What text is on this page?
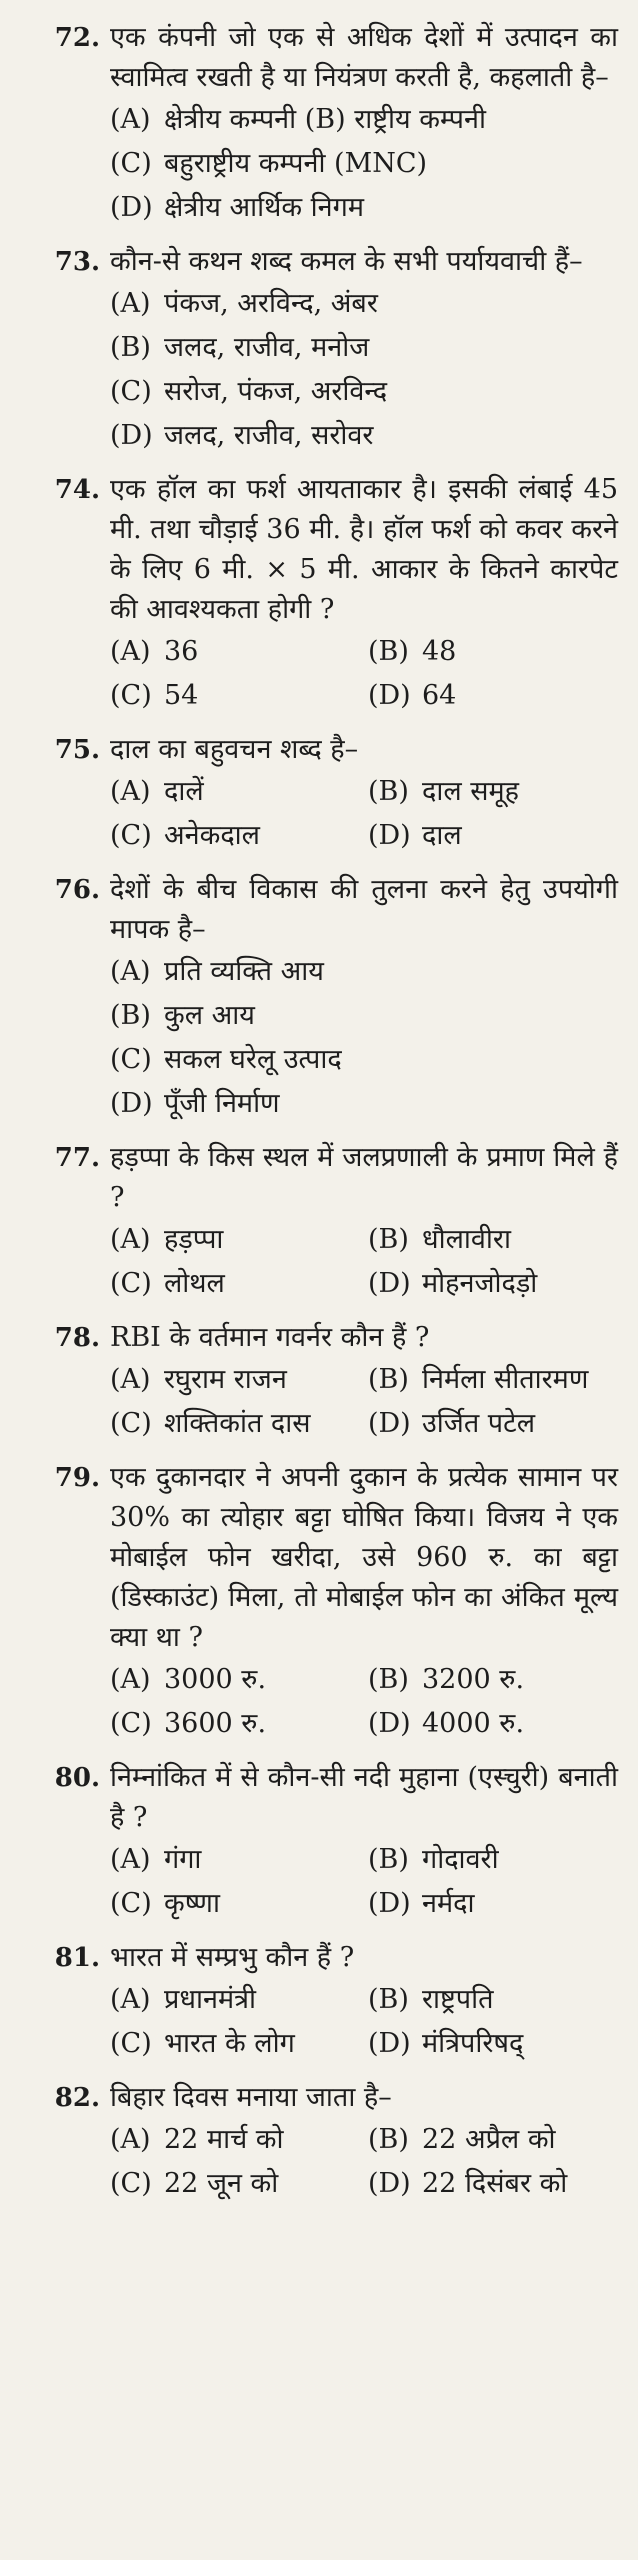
72. एक कंपनी जो एक से अधिक देशों में उत्पादन का स्वामित्व रखती है या नियंत्रण करती है, कहलाती है–
(A) क्षेत्रीय कम्पनी (B) राष्ट्रीय कम्पनी
(C) बहुराष्ट्रीय कम्पनी (MNC)
(D) क्षेत्रीय आर्थिक निगम
73. कौन-से कथन शब्द कमल के सभी पर्यायवाची हैं–
(A) पंकज, अरविन्द, अंबर
(B) जलद, राजीव, मनोज
(C) सरोज, पंकज, अरविन्द
(D) जलद, राजीव, सरोवर
74. एक हॉल का फर्श आयताकार है। इसकी लंबाई 45 मी. तथा चौड़ाई 36 मी. है। हॉल फर्श को कवर करने के लिए 6 मी. × 5 मी. आकार के कितने कारपेट की आवश्यकता होगी ?
(A) 36	(B) 48
(C) 54	(D) 64
75. दाल का बहुवचन शब्द है–
(A) दालें	(B) दाल समूह
(C) अनेकदाल	(D) दाल
76. देशों के बीच विकास की तुलना करने हेतु उपयोगी मापक है–
(A) प्रति व्यक्ति आय
(B) कुल आय
(C) सकल घरेलू उत्पाद
(D) पूँजी निर्माण
77. हड़प्पा के किस स्थल में जलप्रणाली के प्रमाण मिले हैं ?
(A) हड़प्पा	(B) धौलावीरा
(C) लोथल	(D) मोहनजोदड़ो
78. RBI के वर्तमान गवर्नर कौन हैं ?
(A) रघुराम राजन	(B) निर्मला सीतारमण
(C) शक्तिकांत दास (D) उर्जित पटेल
79. एक दुकानदार ने अपनी दुकान के प्रत्येक सामान पर 30% का त्योहार बट्टा घोषित किया। विजय ने एक मोबाईल फोन खरीदा, उसे 960 रु. का बट्टा (डिस्काउंट) मिला, तो मोबाईल फोन का अंकित मूल्य क्या था ?
(A) 3000 रु.	(B) 3200 रु.
(C) 3600 रु.	(D) 4000 रु.
80. निम्नांकित में से कौन-सी नदी मुहाना (एस्चुरी) बनाती है ?
(A) गंगा	(B) गोदावरी
(C) कृष्णा	(D) नर्मदा
81. भारत में सम्प्रभु कौन हैं ?
(A) प्रधानमंत्री	(B) राष्ट्रपति
(C) भारत के लोग	(D) मंत्रिपरिषद्
82. बिहार दिवस मनाया जाता है–
(A) 22 मार्च को	(B) 22 अप्रैल को
(C) 22 जून को	(D) 22 दिसंबर को
